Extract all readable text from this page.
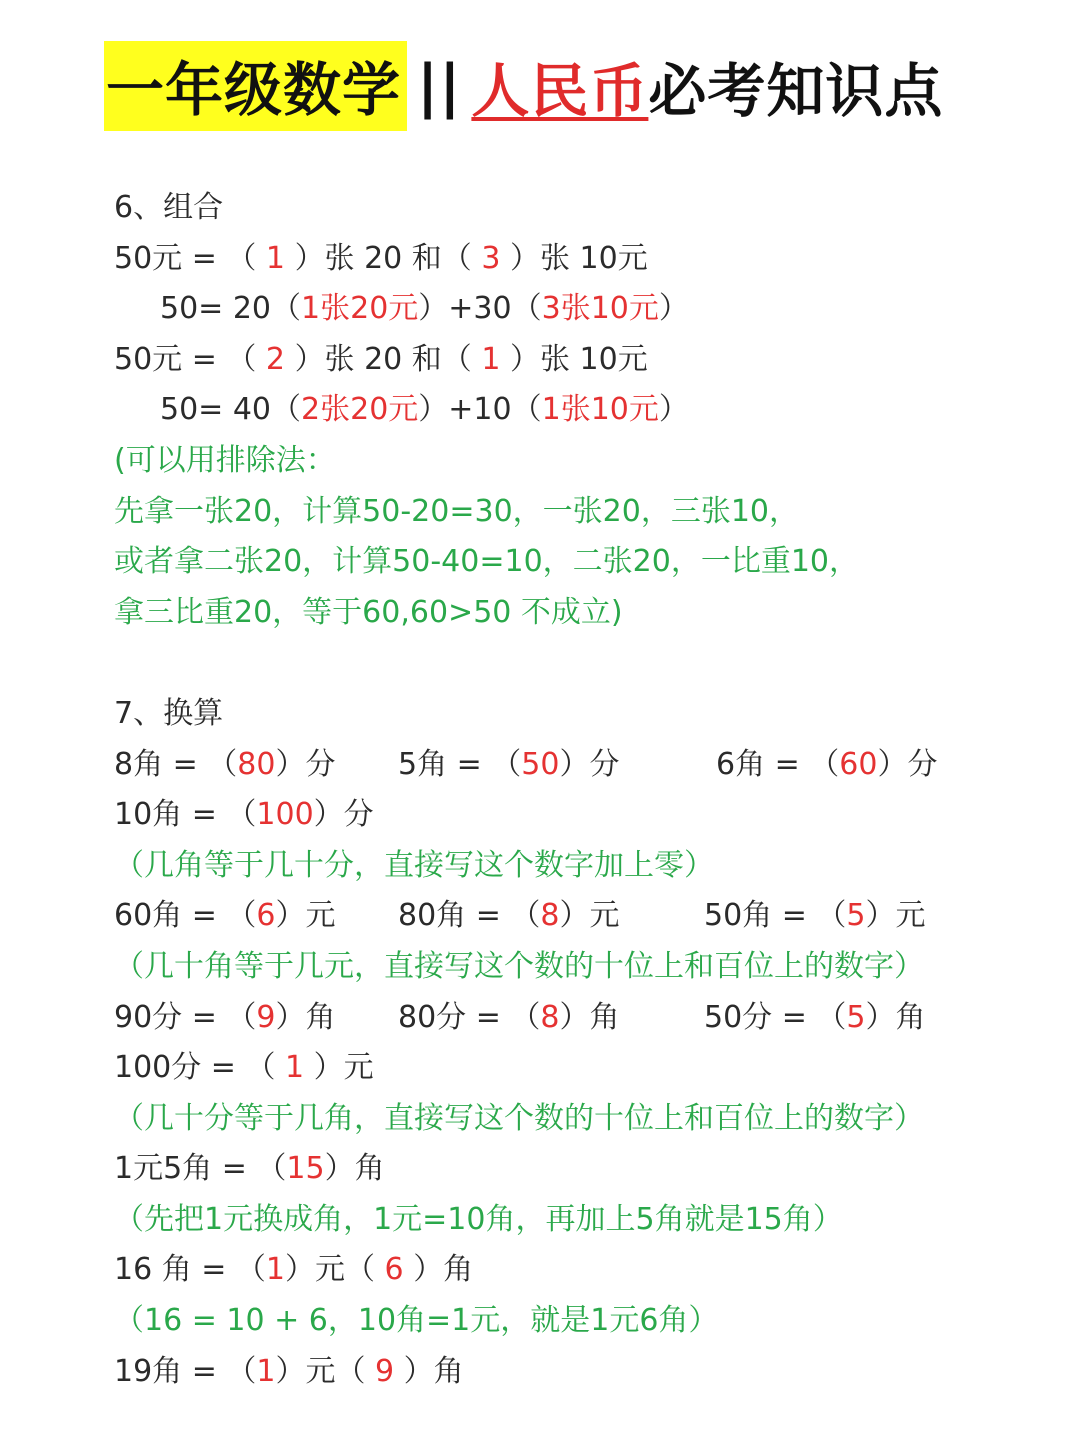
一年级数学 || 人民币 必考知识点
6、组合
50元 = （ 1 ）张 20 和（ 3 ）张 10元
50= 20（1张20元）+30（3张10元）
50元 = （ 2 ）张 20 和（ 1 ）张 10元
50= 40（2张20元）+10（1张10元）
(可以用排除法：
先拿一张20，计算50-20=30，一张20，三张10，
或者拿二张20，计算50-40=10，二张20，一比重10，
拿三比重20，等于60,60>50 不成立)
7、换算
8角 = （80）分 5角 = （50）分	6角 = （60）分
10角 = （100）分
（几角等于几十分，直接写这个数字加上零）
60角 = （6）元 80角 = （8）元	50角 = （5）元
（几十角等于几元，直接写这个数的十位上和百位上的数字）
90分 = （9）角 80分 = （8）角	50分 = （5）角
100分 = （ 1 ）元
（几十分等于几角，直接写这个数的十位上和百位上的数字）
1元5角 = （15）角
（先把1元换成角，1元=10角，再加上5角就是15角）
16 角 = （1）元（ 6 ）角
（16 = 10 + 6，10角=1元，就是1元6角）
19角 = （1）元（ 9 ）角
